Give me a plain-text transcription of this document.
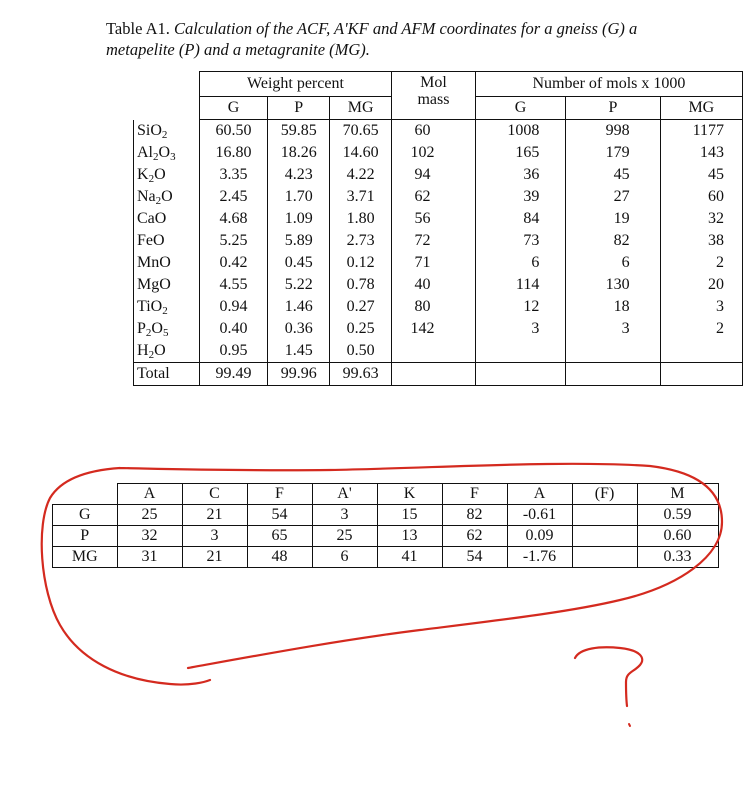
Table A1. Calculation of the ACF, A'KF and AFM coordinates for a gneiss (G) a metapelite (P) and a metagranite (MG).
	Weight percent			Mol mass	Number of mols x 1000		
	G	P	MG		G	P	MG
SiO$_2$	60.50	59.85	70.65	60	1008	998	1177
$Al_2O_3$	16.80	18.26	14.60	102	165	179	143
$K_2O$	3.35	4.23	4.22	94	36	45	45
$Na_2O$	2.45	1.70	3.71	62	39	27	60
CaO	4.68	1.09	1.80	56	84	19	32
FeO	5.25	5.89	2.73	72	73	82	38
MnO	0.42	0.45	0.12	71	6	6	2
MgO	4.55	5.22	0.78	40	114	130	20
TiO$_2$	0.94	1.46	0.27	80	12	18	3
$P_2O_5$	0.40	0.36	0.25	142	3	3	2
$H_2O$	0.95	1.45	0.50				
Total	99.49	99.96	99.63				
	A	C	F	A'	K	F	A	(F)	M
G	25	21	54	3	15	82	-0.61		0.59
P	32	3	65	25	13	62	0.09		0.60
MG	31	21	48	6	41	54	-1.76		0.33
